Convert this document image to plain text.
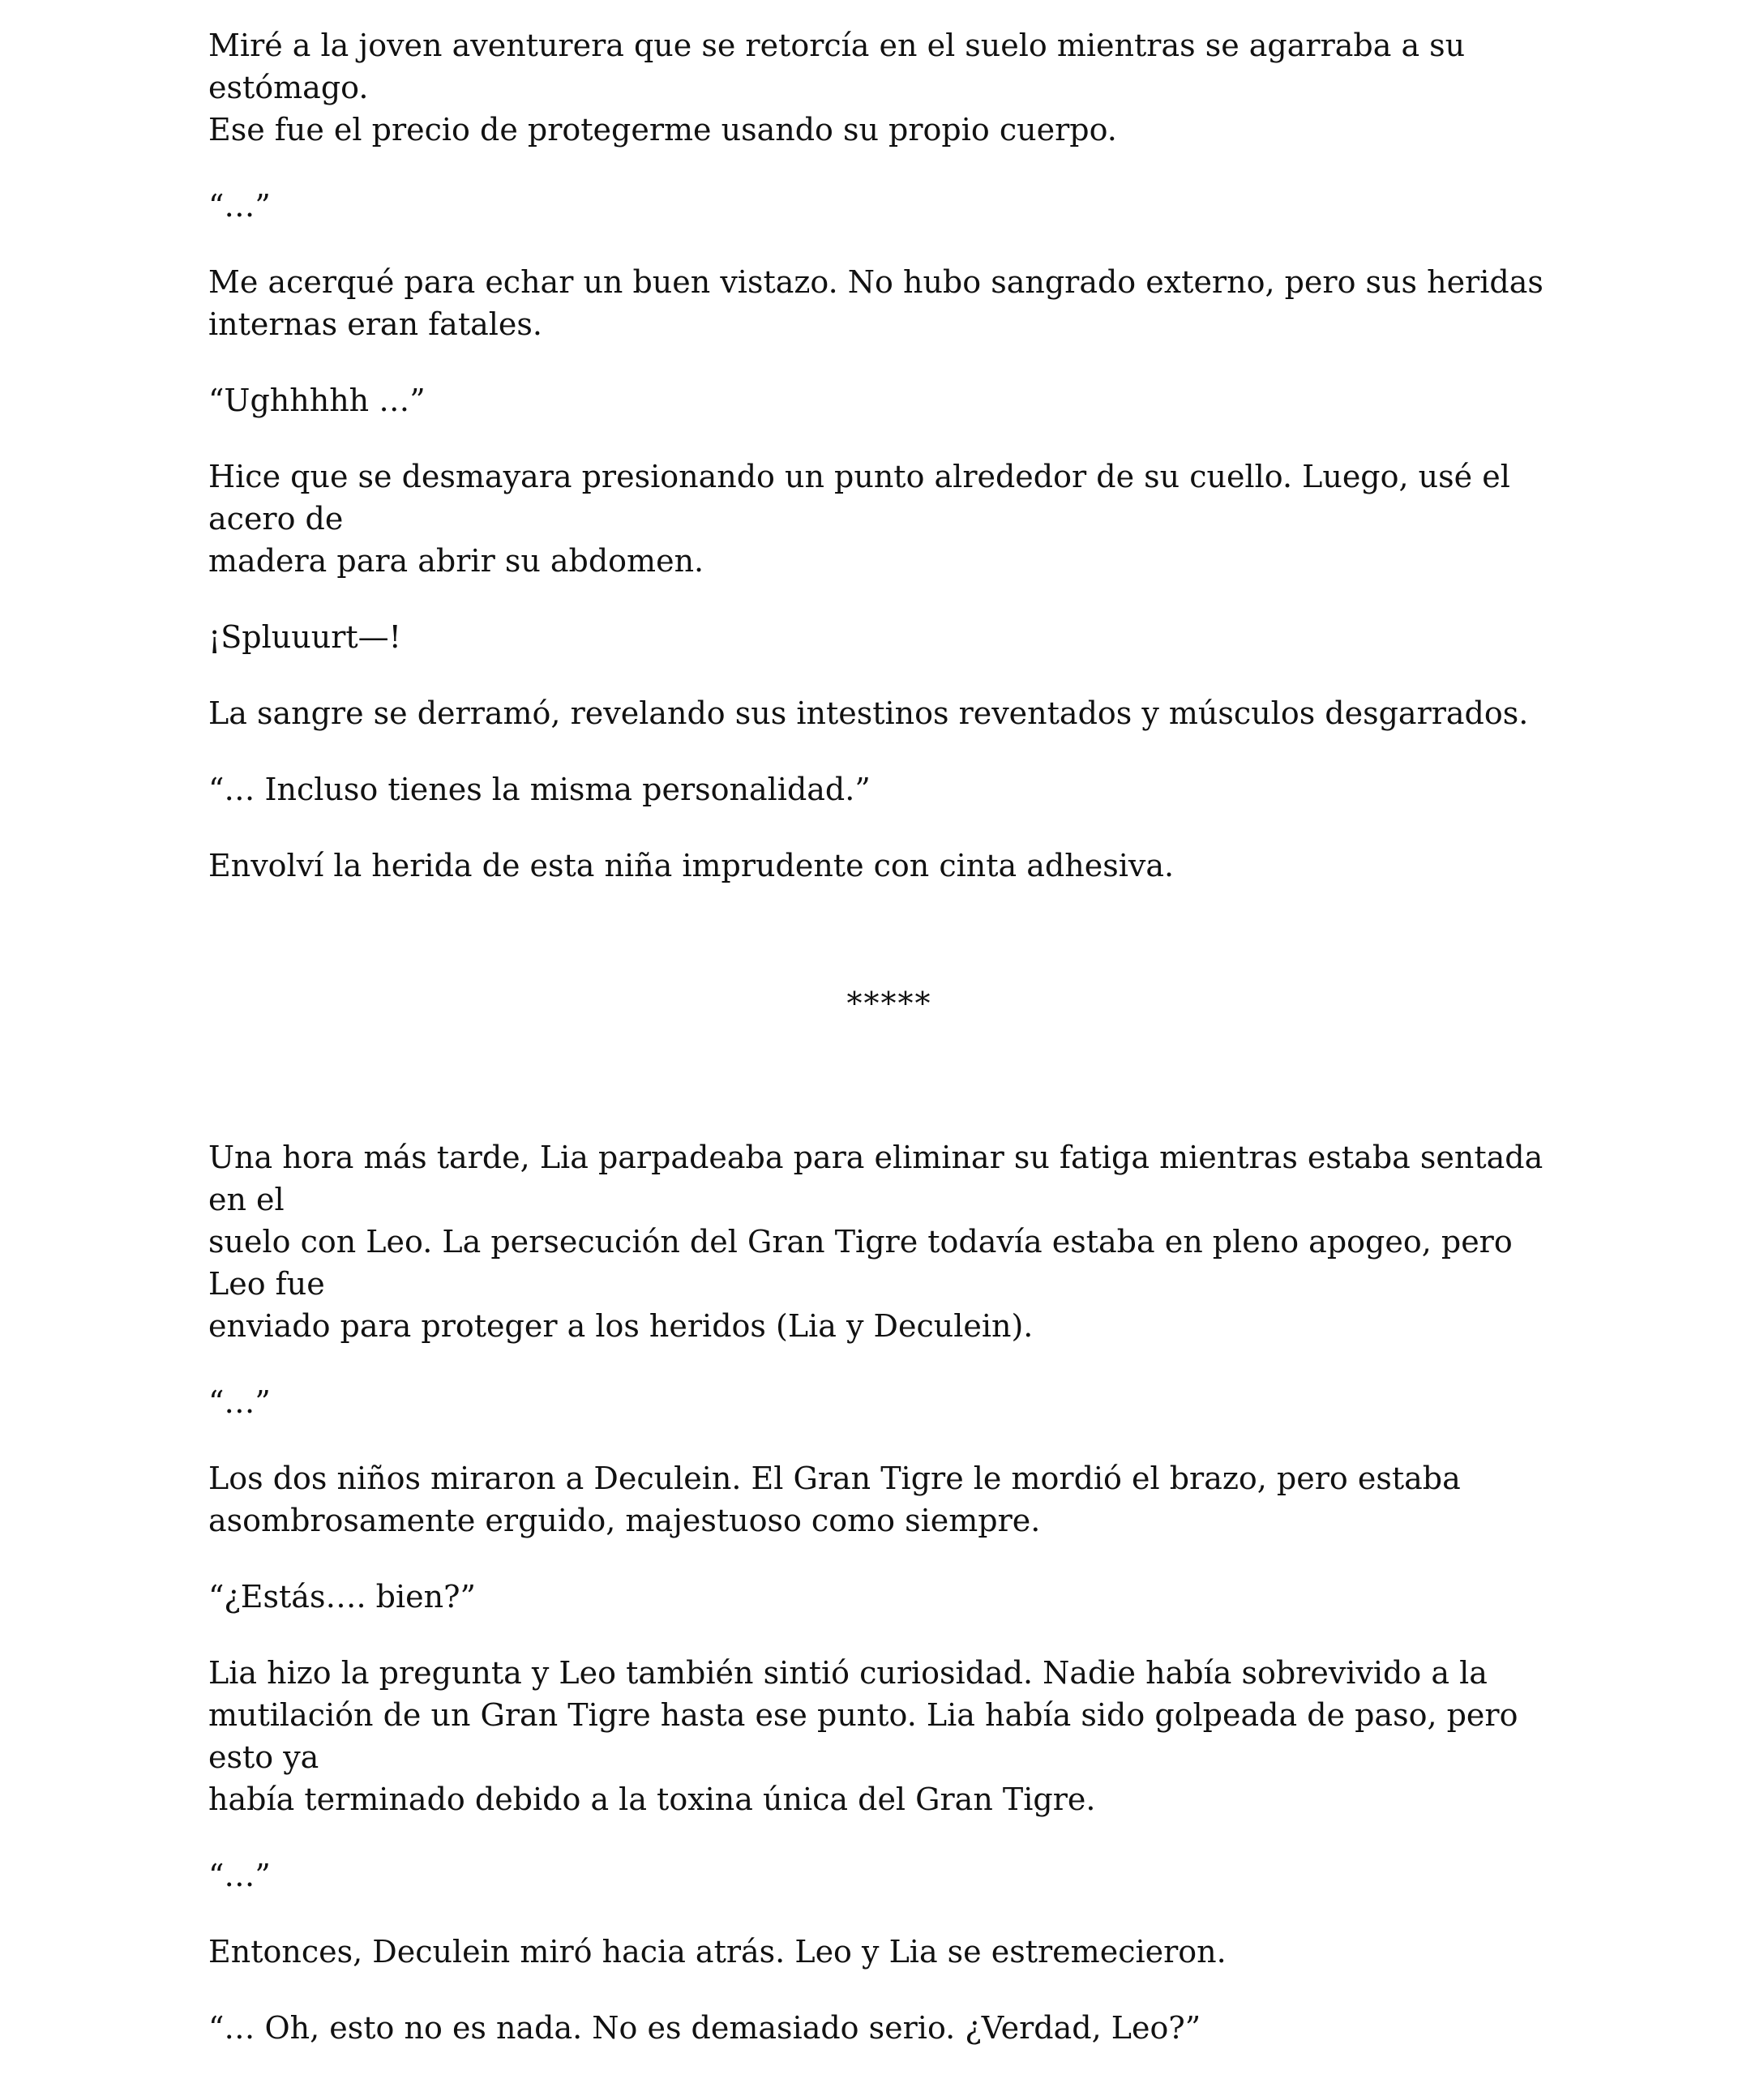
Miré a la joven aventurera que se retorcía en el suelo mientras se agarraba a su estómago.
Ese fue el precio de protegerme usando su propio cuerpo.

“…”

Me acerqué para echar un buen vistazo. No hubo sangrado externo, pero sus heridas
internas eran fatales.

“Ughhhhh …”

Hice que se desmayara presionando un punto alrededor de su cuello. Luego, usé el acero de
madera para abrir su abdomen.

¡Spluuurt—!

La sangre se derramó, revelando sus intestinos reventados y músculos desgarrados.

“… Incluso tienes la misma personalidad.”

Envolví la herida de esta niña imprudente con cinta adhesiva.

*****

Una hora más tarde, Lia parpadeaba para eliminar su fatiga mientras estaba sentada en el
suelo con Leo. La persecución del Gran Tigre todavía estaba en pleno apogeo, pero Leo fue
enviado para proteger a los heridos (Lia y Deculein).

“…”

Los dos niños miraron a Deculein. El Gran Tigre le mordió el brazo, pero estaba
asombrosamente erguido, majestuoso como siempre.

“¿Estás…. bien?”

Lia hizo la pregunta y Leo también sintió curiosidad. Nadie había sobrevivido a la
mutilación de un Gran Tigre hasta ese punto. Lia había sido golpeada de paso, pero esto ya
había terminado debido a la toxina única del Gran Tigre.

“…”

Entonces, Deculein miró hacia atrás. Leo y Lia se estremecieron.

“… Oh, esto no es nada. No es demasiado serio. ¿Verdad, Leo?”
